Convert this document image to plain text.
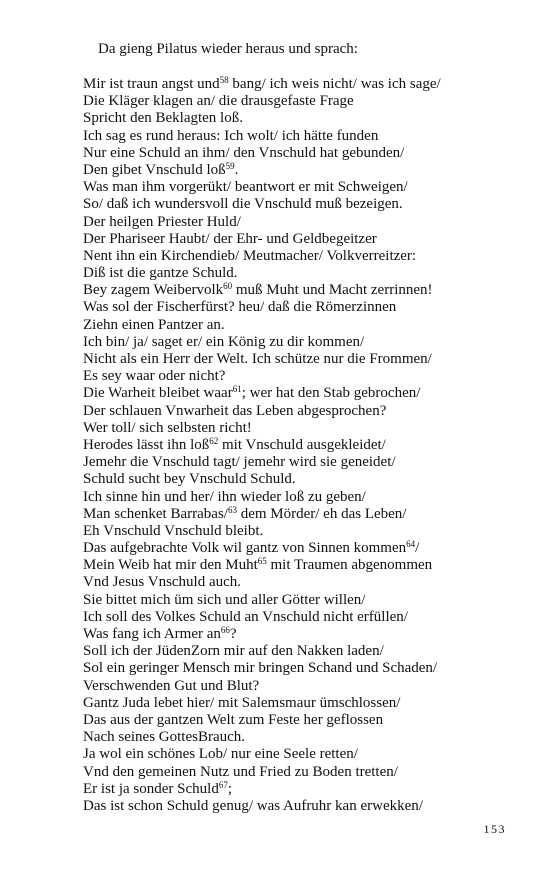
Da gieng Pilatus wieder heraus und sprach:
Mir ist traun angst und$^{58}$ bang/ ich weis nicht/ was ich sage/
Die Kläger klagen an/ die drausgefaste Frage
Spricht den Beklagten loß.
Ich sag es rund heraus: Ich wolt/ ich hätte funden
Nur eine Schuld an ihm/ den Vnschuld hat gebunden/
Den gibet Vnschuld loß$^{59}$.
Was man ihm vorgerükt/ beantwort er mit Schweigen/
So/ daß ich wundersvoll die Vnschuld muß bezeigen.
Der heilgen Priester Huld/
Der Phariseer Haubt/ der Ehr- und Geldbegeitzer
Nent ihn ein Kirchendieb/ Meutmacher/ Volkverreitzer:
Diß ist die gantze Schuld.
Bey zagem Weibervolk$^{60}$ muß Muht und Macht zerrinnen!
Was sol der Fischerfürst? heu/ daß die Römerzinnen
Ziehn einen Pantzer an.
Ich bin/ ja/ saget er/ ein König zu dir kommen/
Nicht als ein Herr der Welt. Ich schütze nur die Frommen/
Es sey waar oder nicht?
Die Warheit bleibet waar$^{61}$; wer hat den Stab gebrochen/
Der schlauen Vnwarheit das Leben abgesprochen?
Wer toll/ sich selbsten richt!
Herodes lässt ihn loß$^{62}$ mit Vnschuld ausgekleidet/
Jemehr die Vnschuld tagt/ jemehr wird sie geneidet/
Schuld sucht bey Vnschuld Schuld.
Ich sinne hin und her/ ihn wieder loß zu geben/
Man schenket Barrabas/$^{63}$ dem Mörder/ eh das Leben/
Eh Vnschuld Vnschuld bleibt.
Das aufgebrachte Volk wil gantz von Sinnen kommen$^{64}$/
Mein Weib hat mir den Muht$^{65}$ mit Traumen abgenommen
Vnd Jesus Vnschuld auch.
Sie bittet mich üm sich und aller Götter willen/
Ich soll des Volkes Schuld an Vnschuld nicht erfüllen/
Was fang ich Armer an$^{66}$?
Soll ich der JüdenZorn mir auf den Nakken laden/
Sol ein geringer Mensch mir bringen Schand und Schaden/
Verschwenden Gut und Blut?
Gantz Juda lebet hier/ mit Salemsmaur ümschlossen/
Das aus der gantzen Welt zum Feste her geflossen
Nach seines GottesBrauch.
Ja wol ein schönes Lob/ nur eine Seele retten/
Vnd den gemeinen Nutz und Fried zu Boden tretten/
Er ist ja sonder Schuld$^{67}$;
Das ist schon Schuld genug/ was Aufruhr kan erwekken/
153
